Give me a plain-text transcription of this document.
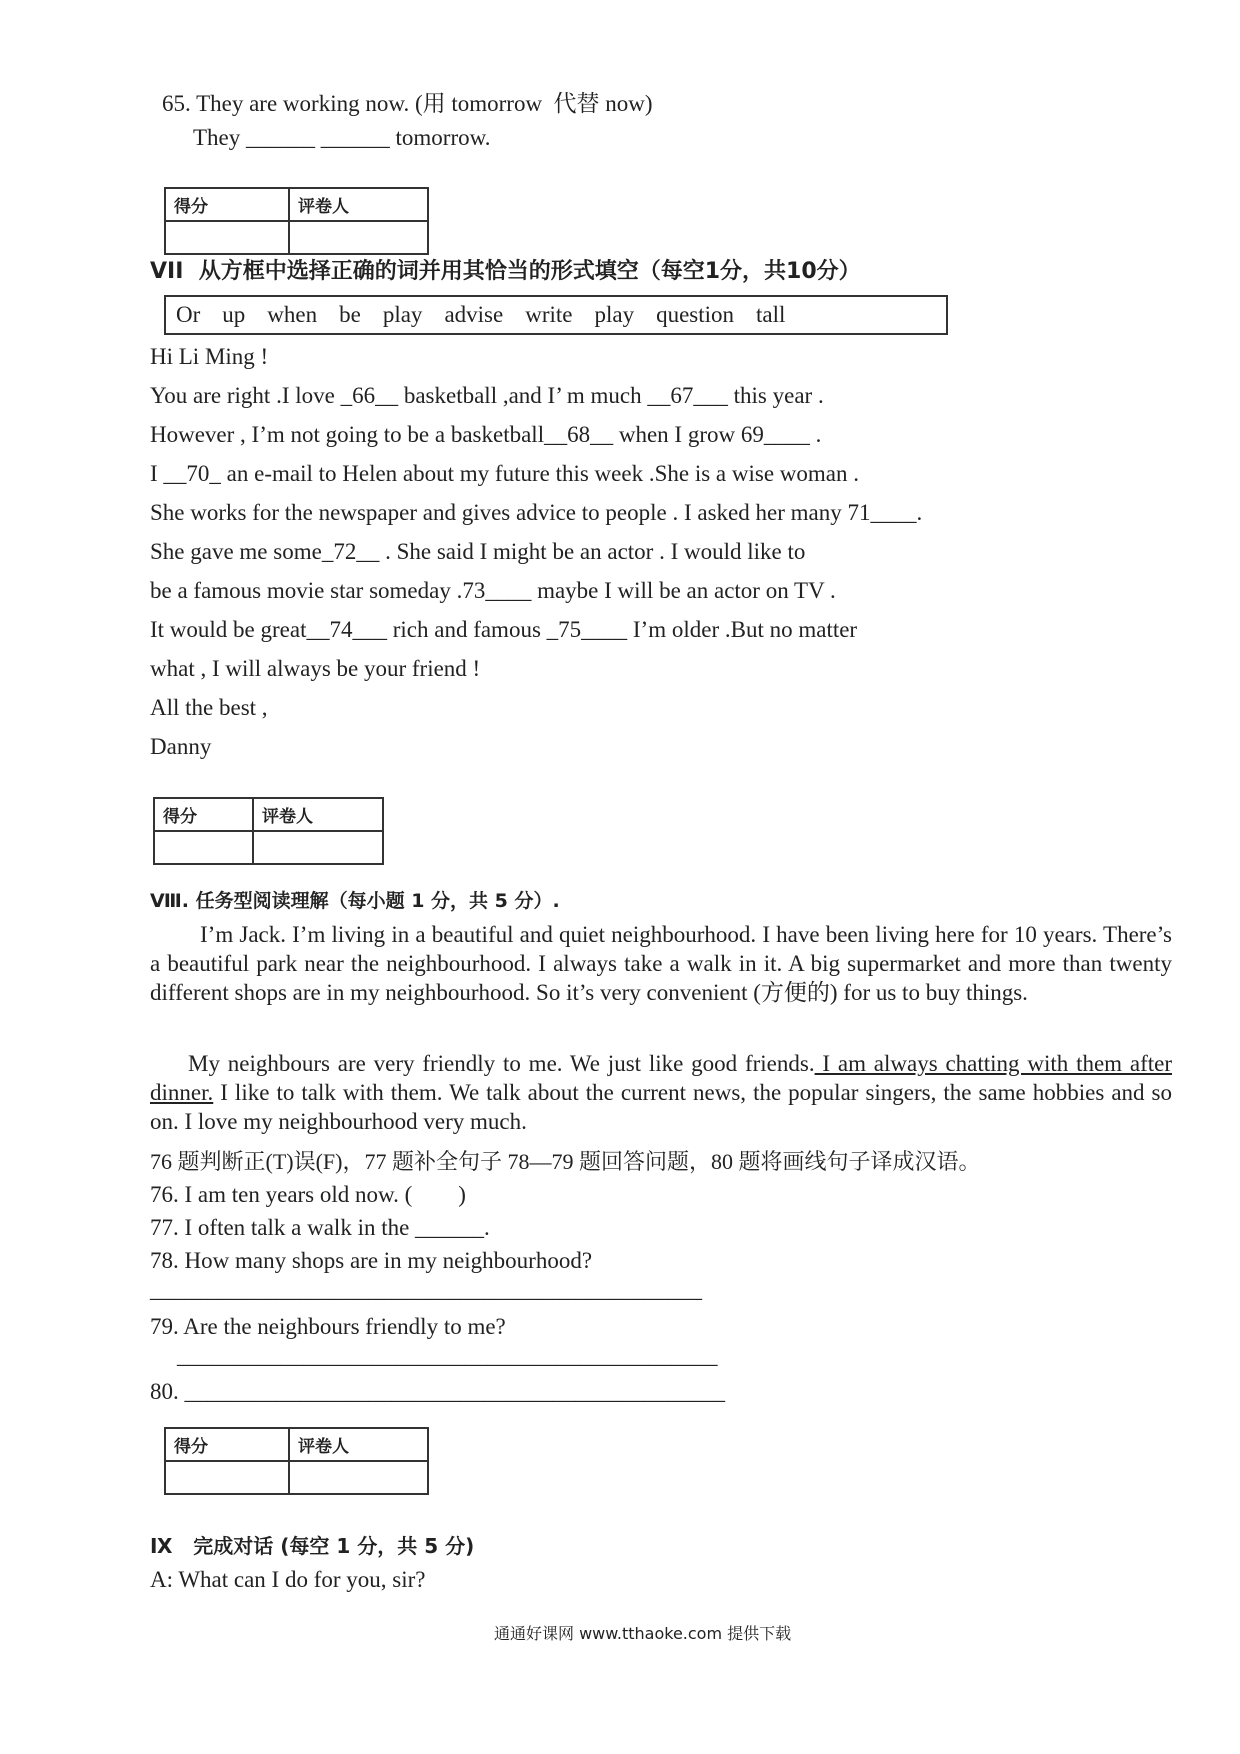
65. They are working now. (用 tomorrow  代替 now)
They ______ ______ tomorrow.
得分	评卷人

VII  从方框中选择正确的词并用其恰当的形式填空（每空1分，共10分）
Or up when be play advise write play question tall
Hi Li Ming !
You are right .I love _66__ basketball ,and I’ m much __67___ this year .
However , I’m not going to be a basketball__68__ when I grow 69____ .
I __70_ an e-mail to Helen about my future this week .She is a wise woman .
She works for the newspaper and gives advice to people . I asked her many 71____.
She gave me some_72__ . She said I might be an actor . I would like to
be a famous movie star someday .73____ maybe I will be an actor on TV .
It would be great__74___ rich and famous _75____ I’m older .But no matter
what , I will always be your friend !
All the best ,
Danny
得分	评卷人

Ⅷ. 任务型阅读理解（每小题 1 分，共 5 分）.
I’m Jack. I’m living in a beautiful and quiet neighbourhood. I have been living here for 10 years. There’s a beautiful park near the neighbourhood. I always take a walk in it. A big supermarket and more than twenty different shops are in my neighbourhood. So it’s very convenient (方便的) for us to buy things.
My neighbours are very friendly to me. We just like good friends. I am always chatting with them after dinner. I like to talk with them. We talk about the current news, the popular singers, the same hobbies and so on. I love my neighbourhood very much.
76 题判断正(T)误(F)，77 题补全句子 78—79 题回答问题，80 题将画线句子译成汉语。
76. I am ten years old now. (        )
77. I often talk a walk in the ______.
78. How many shops are in my neighbourhood?
________________________________________________
79. Are the neighbours friendly to me?
_______________________________________________
80. _______________________________________________
得分	评卷人

Ⅸ   完成对话 (每空 1 分，共 5 分)
A: What can I do for you, sir?
通通好课网 www.tthaoke.com 提供下载
